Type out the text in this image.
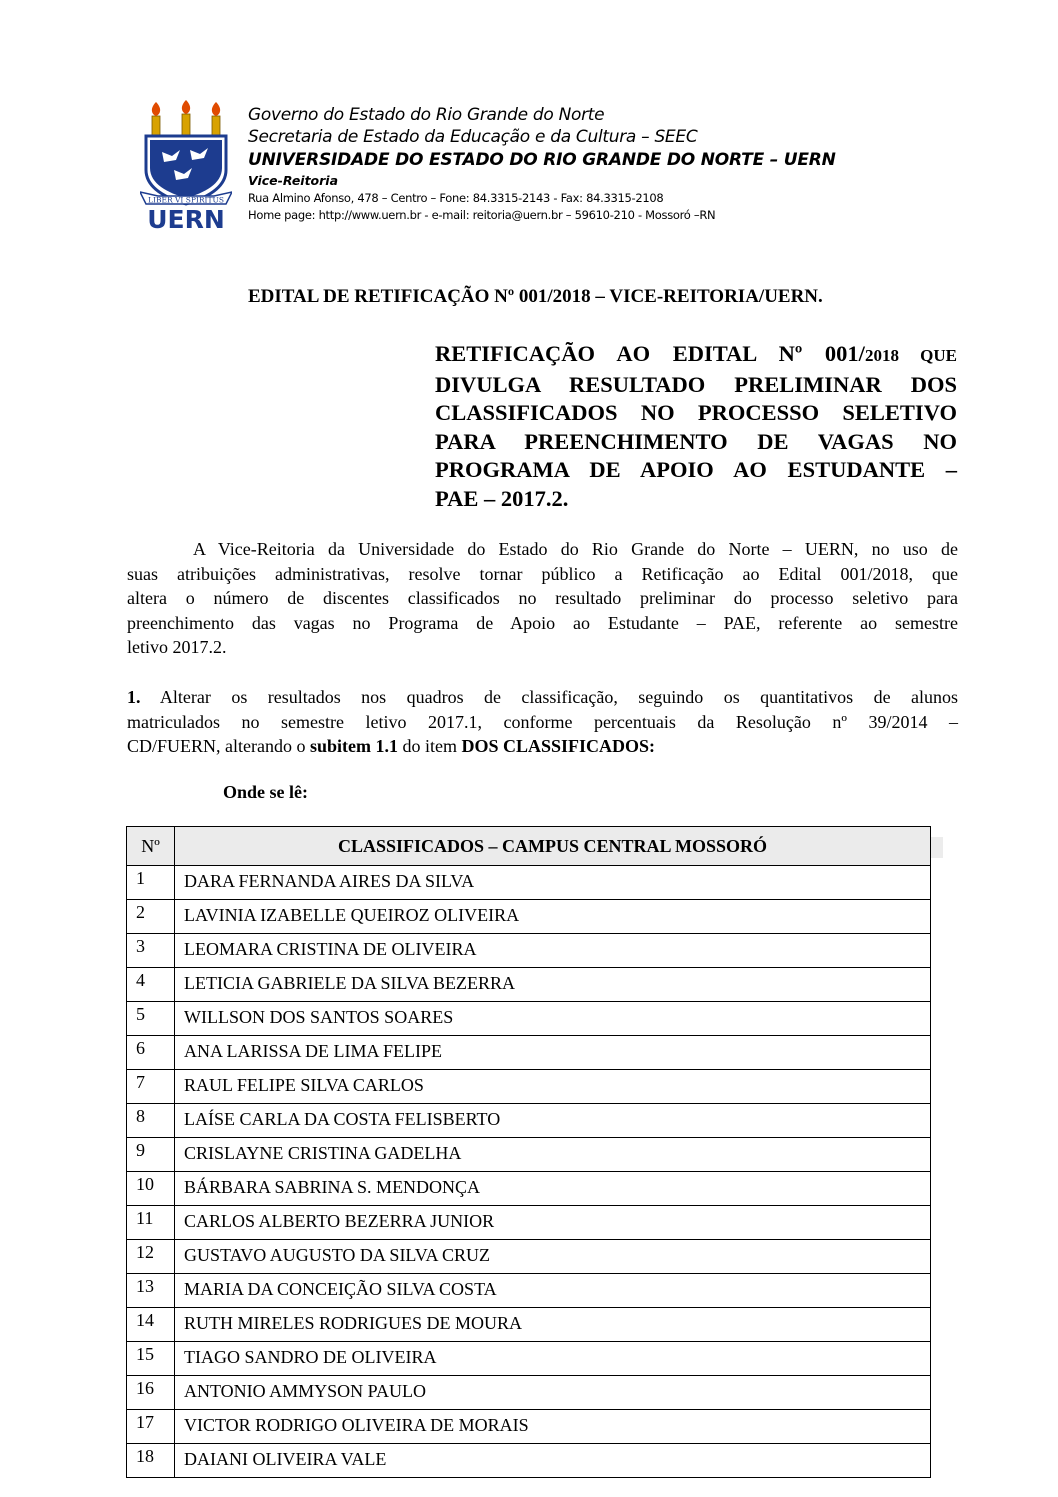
LIBER VI SPIRITUS
UERN
Governo do Estado do Rio Grande do Norte
Secretaria de Estado da Educação e da Cultura – SEEC
UNIVERSIDADE DO ESTADO DO RIO GRANDE DO NORTE – UERN
Vice-Reitoria
Rua Almino Afonso, 478 – Centro – Fone: 84.3315-2143 - Fax: 84.3315-2108
Home page: http://www.uern.br - e-mail: reitoria@uern.br – 59610-210 - Mossoró –RN
EDITAL DE RETIFICAÇÃO Nº 001/2018 – VICE-REITORIA/UERN.
RETIFICAÇÃO AO EDITAL Nº 001/2018 QUE
DIVULGA RESULTADO PRELIMINAR DOS
CLASSIFICADOS NO PROCESSO SELETIVO
PARA PREENCHIMENTO DE VAGAS NO
PROGRAMA DE APOIO AO ESTUDANTE –
PAE – 2017.2.
A Vice-Reitoria da Universidade do Estado do Rio Grande do Norte – UERN, no uso de
suas atribuições administrativas, resolve tornar público a Retificação ao Edital 001/2018, que
altera o número de discentes classificados no resultado preliminar do processo seletivo para
preenchimento das vagas no Programa de Apoio ao Estudante – PAE, referente ao semestre
letivo 2017.2.
1. Alterar os resultados nos quadros de classificação, seguindo os quantitativos de alunos
matriculados no semestre letivo 2017.1, conforme percentuais da Resolução nº 39/2014 –
CD/FUERN, alterando o subitem 1.1 do item DOS CLASSIFICADOS:
Onde se lê:
Nº	CLASSIFICADOS – CAMPUS CENTRAL MOSSORÓ
1	DARA FERNANDA AIRES DA SILVA
2	LAVINIA IZABELLE QUEIROZ OLIVEIRA
3	LEOMARA CRISTINA DE OLIVEIRA
4	LETICIA GABRIELE DA SILVA BEZERRA
5	WILLSON DOS SANTOS SOARES
6	ANA LARISSA DE LIMA FELIPE
7	RAUL FELIPE SILVA CARLOS
8	LAÍSE CARLA DA COSTA FELISBERTO
9	CRISLAYNE CRISTINA GADELHA
10	BÁRBARA SABRINA S. MENDONÇA
11	CARLOS ALBERTO BEZERRA JUNIOR
12	GUSTAVO AUGUSTO DA SILVA CRUZ
13	MARIA DA CONCEIÇÃO SILVA COSTA
14	RUTH MIRELES RODRIGUES DE MOURA
15	TIAGO SANDRO DE OLIVEIRA
16	ANTONIO AMMYSON PAULO
17	VICTOR RODRIGO OLIVEIRA DE MORAIS
18	DAIANI OLIVEIRA VALE
